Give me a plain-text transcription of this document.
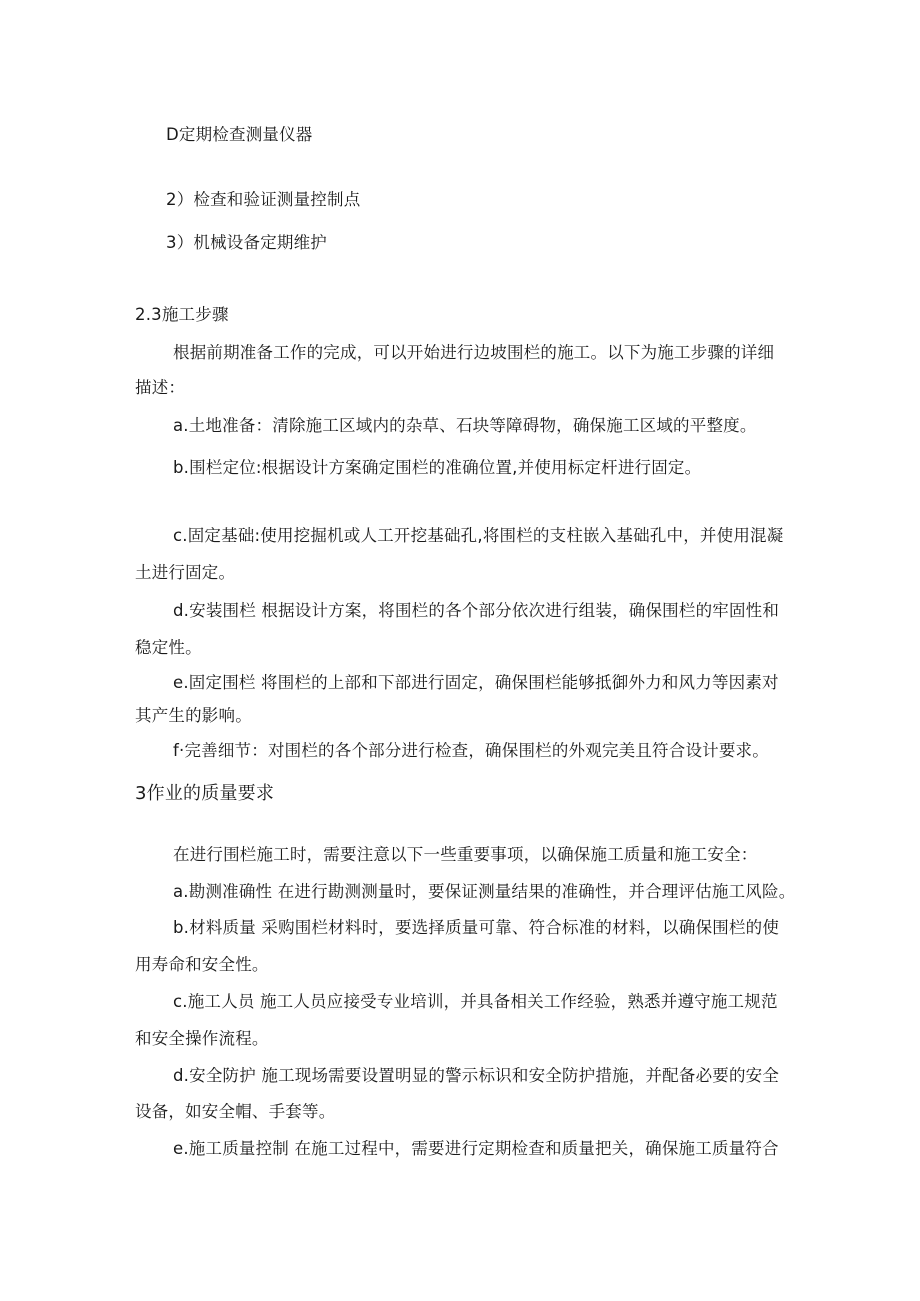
D定期检查测量仪器
2）检查和验证测量控制点
3）机械设备定期维护
2.3施工步骤
根据前期准备工作的完成，可以开始进行边坡围栏的施工。以下为施工步骤的详细
描述：
a.土地准备：清除施工区域内的杂草、石块等障碍物，确保施工区域的平整度。
b.围栏定位:根据设计方案确定围栏的准确位置,并使用标定杆进行固定。
c.固定基础:使用挖掘机或人工开挖基础孔,将围栏的支柱嵌入基础孔中，并使用混凝
土进行固定。
d.安装围栏 根据设计方案，将围栏的各个部分依次进行组装，确保围栏的牢固性和
稳定性。
e.固定围栏 将围栏的上部和下部进行固定，确保围栏能够抵御外力和风力等因素对
其产生的影响。
f·完善细节：对围栏的各个部分进行检查，确保围栏的外观完美且符合设计要求。
3作业的质量要求
在进行围栏施工时，需要注意以下一些重要事项，以确保施工质量和施工安全：
a.勘测准确性 在进行勘测测量时，要保证测量结果的准确性，并合理评估施工风险。
b.材料质量 采购围栏材料时，要选择质量可靠、符合标准的材料，以确保围栏的使
用寿命和安全性。
c.施工人员 施工人员应接受专业培训，并具备相关工作经验，熟悉并遵守施工规范
和安全操作流程。
d.安全防护 施工现场需要设置明显的警示标识和安全防护措施，并配备必要的安全
设备，如安全帽、手套等。
e.施工质量控制 在施工过程中，需要进行定期检查和质量把关，确保施工质量符合
